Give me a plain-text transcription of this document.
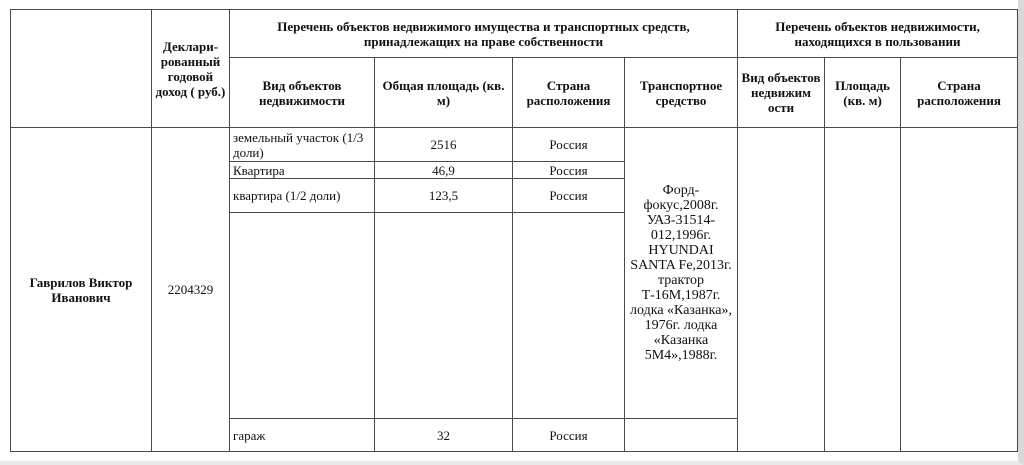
	Деклари-рованный годовой доход ( руб.)	Перечень объектов недвижимого имущества и транспортных средств, принадлежащих на праве собственности				Перечень объектов недвижимости, находящихся в пользовании		
		Вид объектов недвижимости	Общая площадь (кв. м)	Страна расположения	Транспортное средство	Вид объектов недвижим ости	Площадь (кв. м)	Страна расположения
Гаврилов Виктор Иванович	2204329	земельный участок (1/3 доли)	2516	Россия	Форд-фокус,2008г. УАЗ-31514-012,1996г. HYUNDAI SANTA Fe,2013г. трактор Т-16М,1987г. лодка «Казанка», 1976г. лодка «Казанка 5М4»,1988г.			
		Квартира	46,9	Россия				
		квартира (1/2 доли)	123,5	Россия				

		гараж	32	Россия				
